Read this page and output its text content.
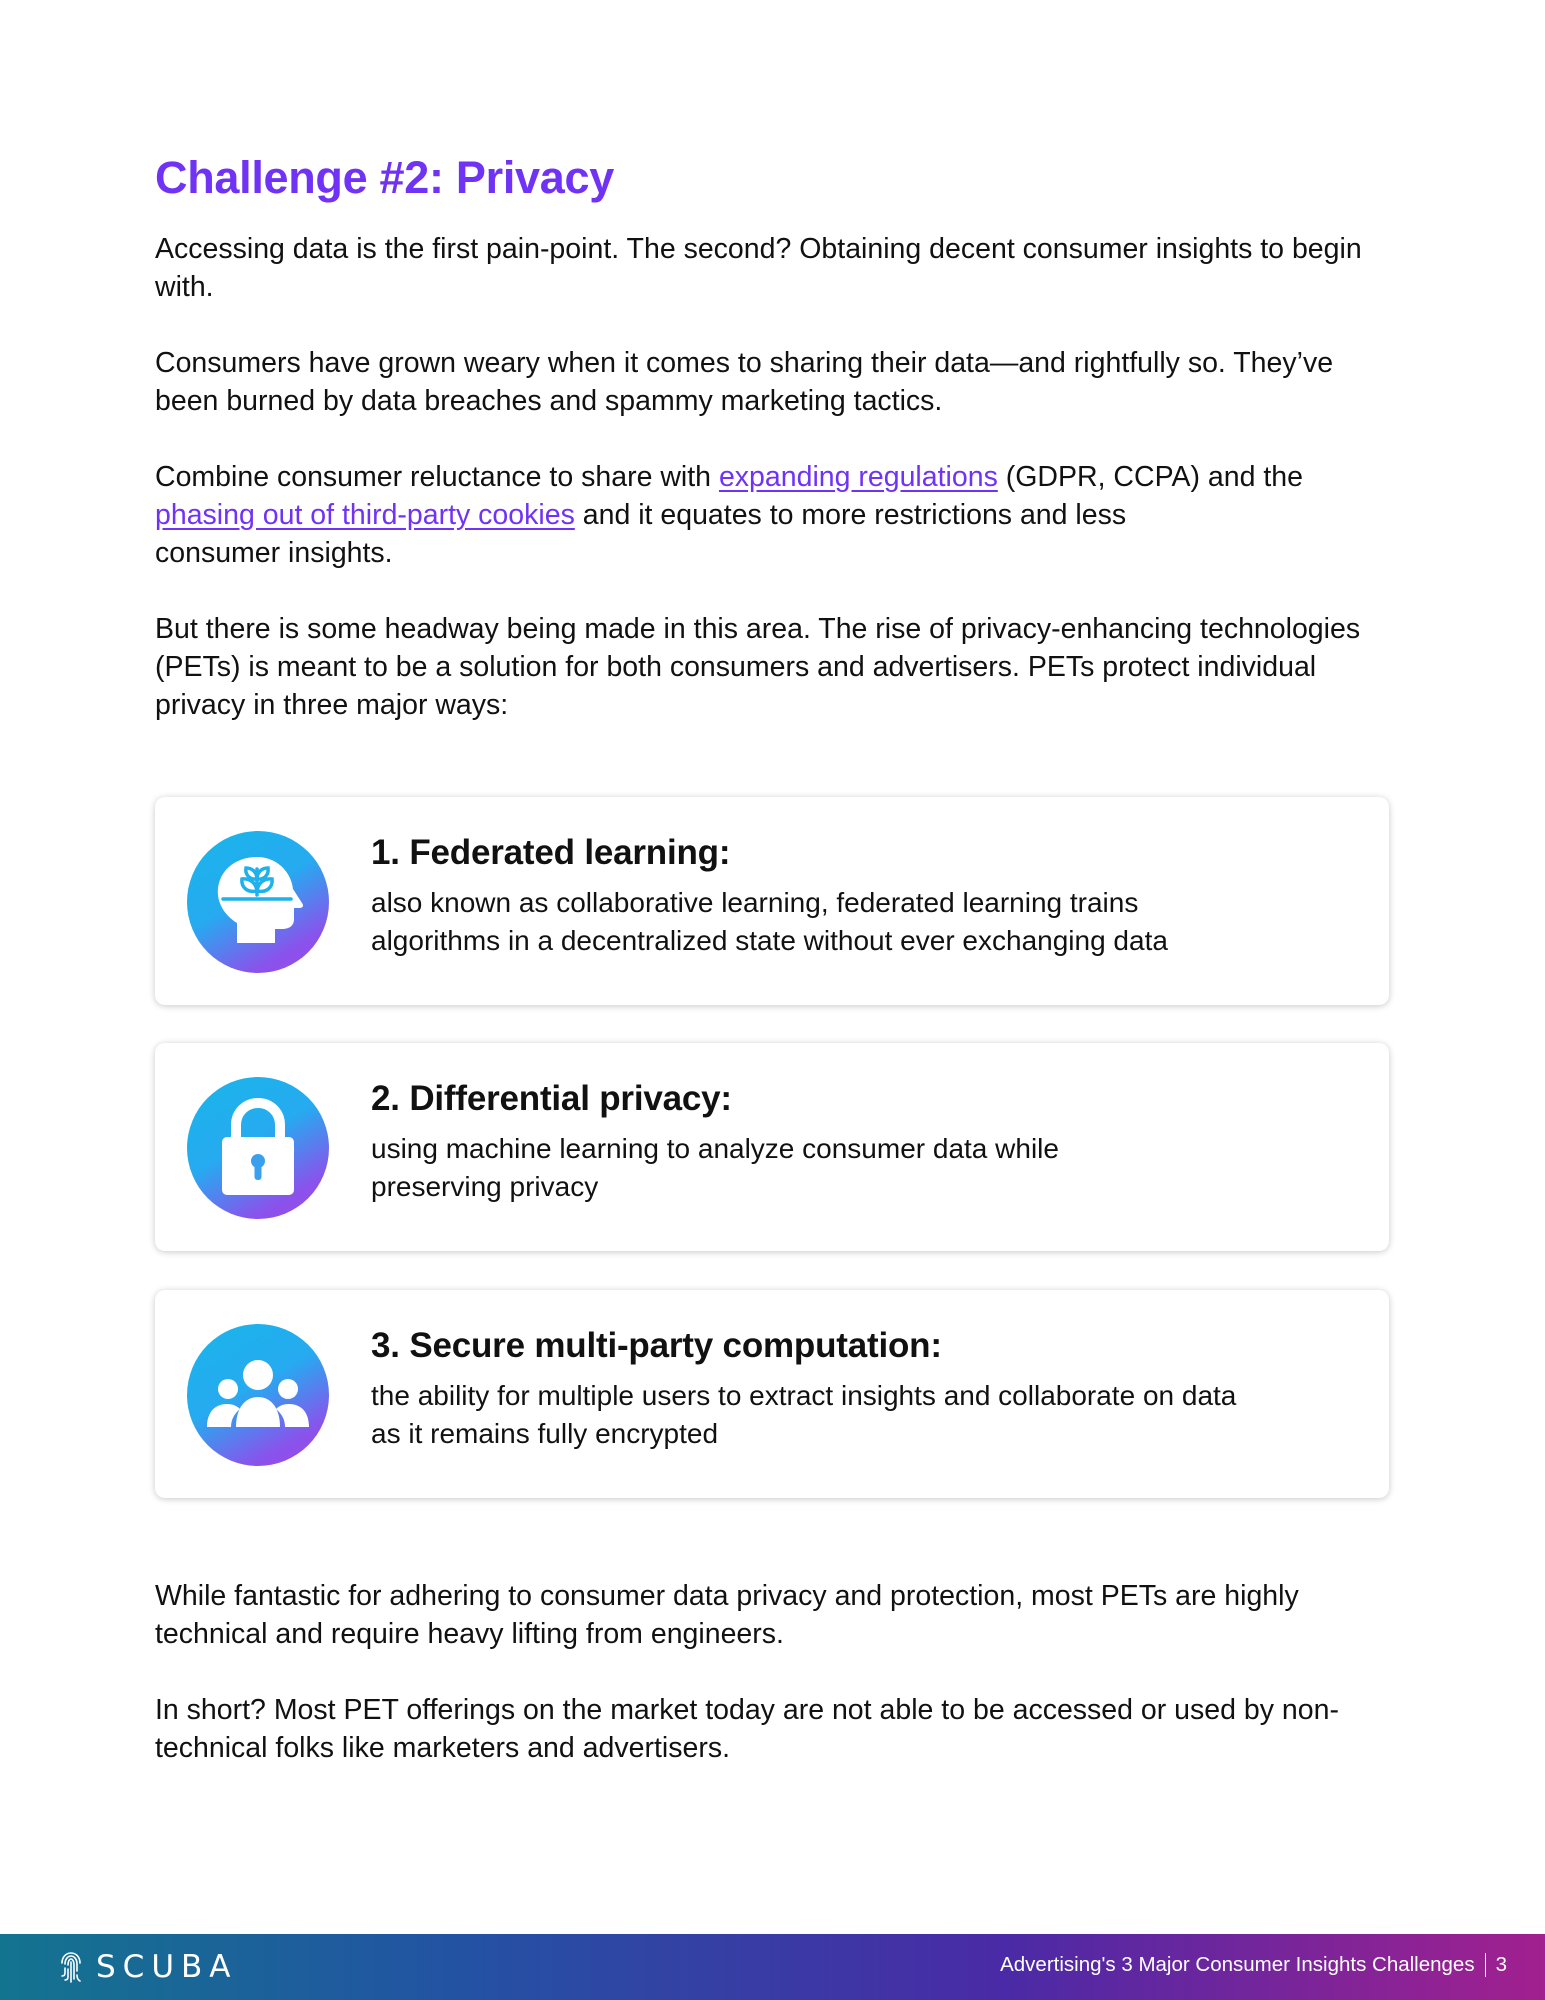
Challenge #2: Privacy

Accessing data is the first pain-point. The second? Obtaining decent consumer insights to begin with.

Consumers have grown weary when it comes to sharing their data—and rightfully so. They’ve been burned by data breaches and spammy marketing tactics.

Combine consumer reluctance to share with expanding regulations (GDPR, CCPA) and the
phasing out of third-party cookies and it equates to more restrictions and less
consumer insights.

But there is some headway being made in this area. The rise of privacy-enhancing technologies (PETs) is meant to be a solution for both consumers and advertisers. PETs protect individual privacy in three major ways:

1. Federated learning:

also known as collaborative learning, federated learning trains
algorithms in a decentralized state without ever exchanging data

2. Differential privacy:

using machine learning to analyze consumer data while
preserving privacy

3. Secure multi-party computation:

the ability for multiple users to extract insights and collaborate on data
as it remains fully encrypted

While fantastic for adhering to consumer data privacy and protection, most PETs are highly technical and require heavy lifting from engineers.

In short? Most PET offerings on the market today are not able to be accessed or used by non-technical folks like marketers and advertisers.

SCUBA	Advertising's 3 Major Consumer Insights Challenges 3
